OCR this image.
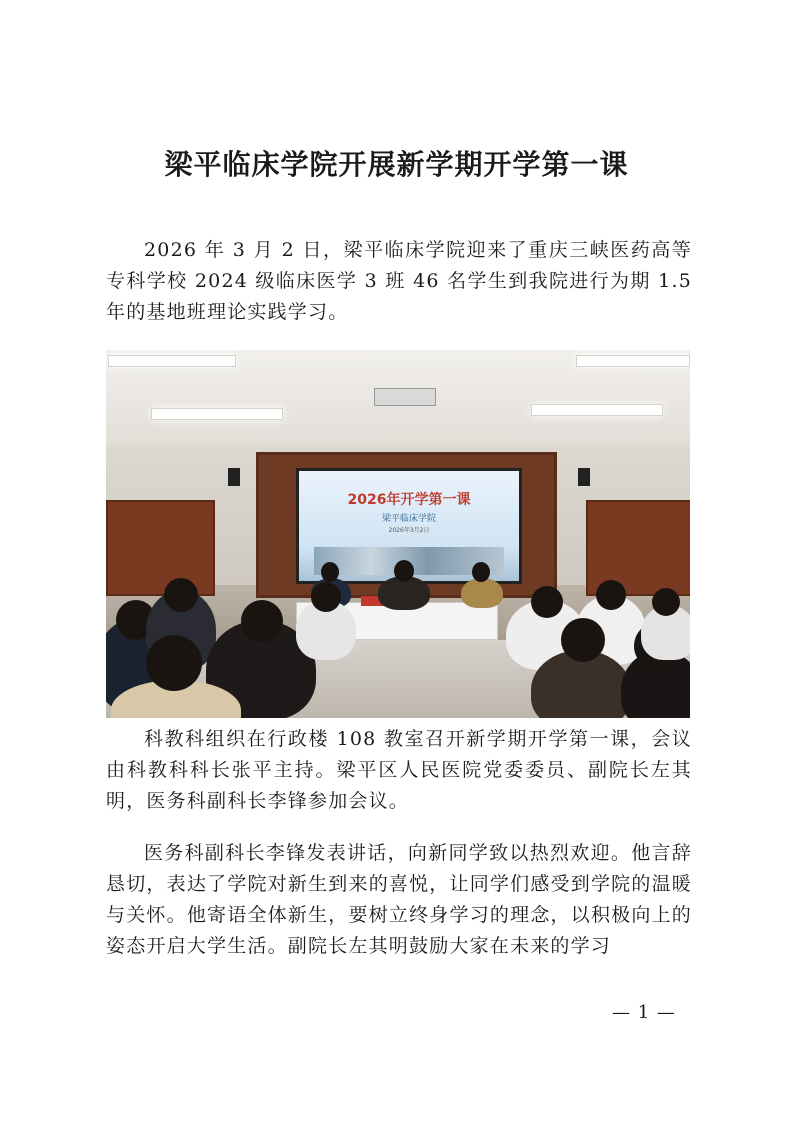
梁平临床学院开展新学期开学第一课

2026 年 3 月 2 日，梁平临床学院迎来了重庆三峡医药高等专科学校 2024 级临床医学 3 班 46 名学生到我院进行为期 1.5 年的基地班理论实践学习。

2026年开学第一课
梁平临床学院
2026年3月2日

科教科组织在行政楼 108 教室召开新学期开学第一课，会议由科教科科长张平主持。梁平区人民医院党委委员、副院长左其明，医务科副科长李锋参加会议。

医务科副科长李锋发表讲话，向新同学致以热烈欢迎。他言辞恳切，表达了学院对新生到来的喜悦，让同学们感受到学院的温暖与关怀。他寄语全体新生，要树立终身学习的理念，以积极向上的姿态开启大学生活。副院长左其明鼓励大家在未来的学习

— 1 —
